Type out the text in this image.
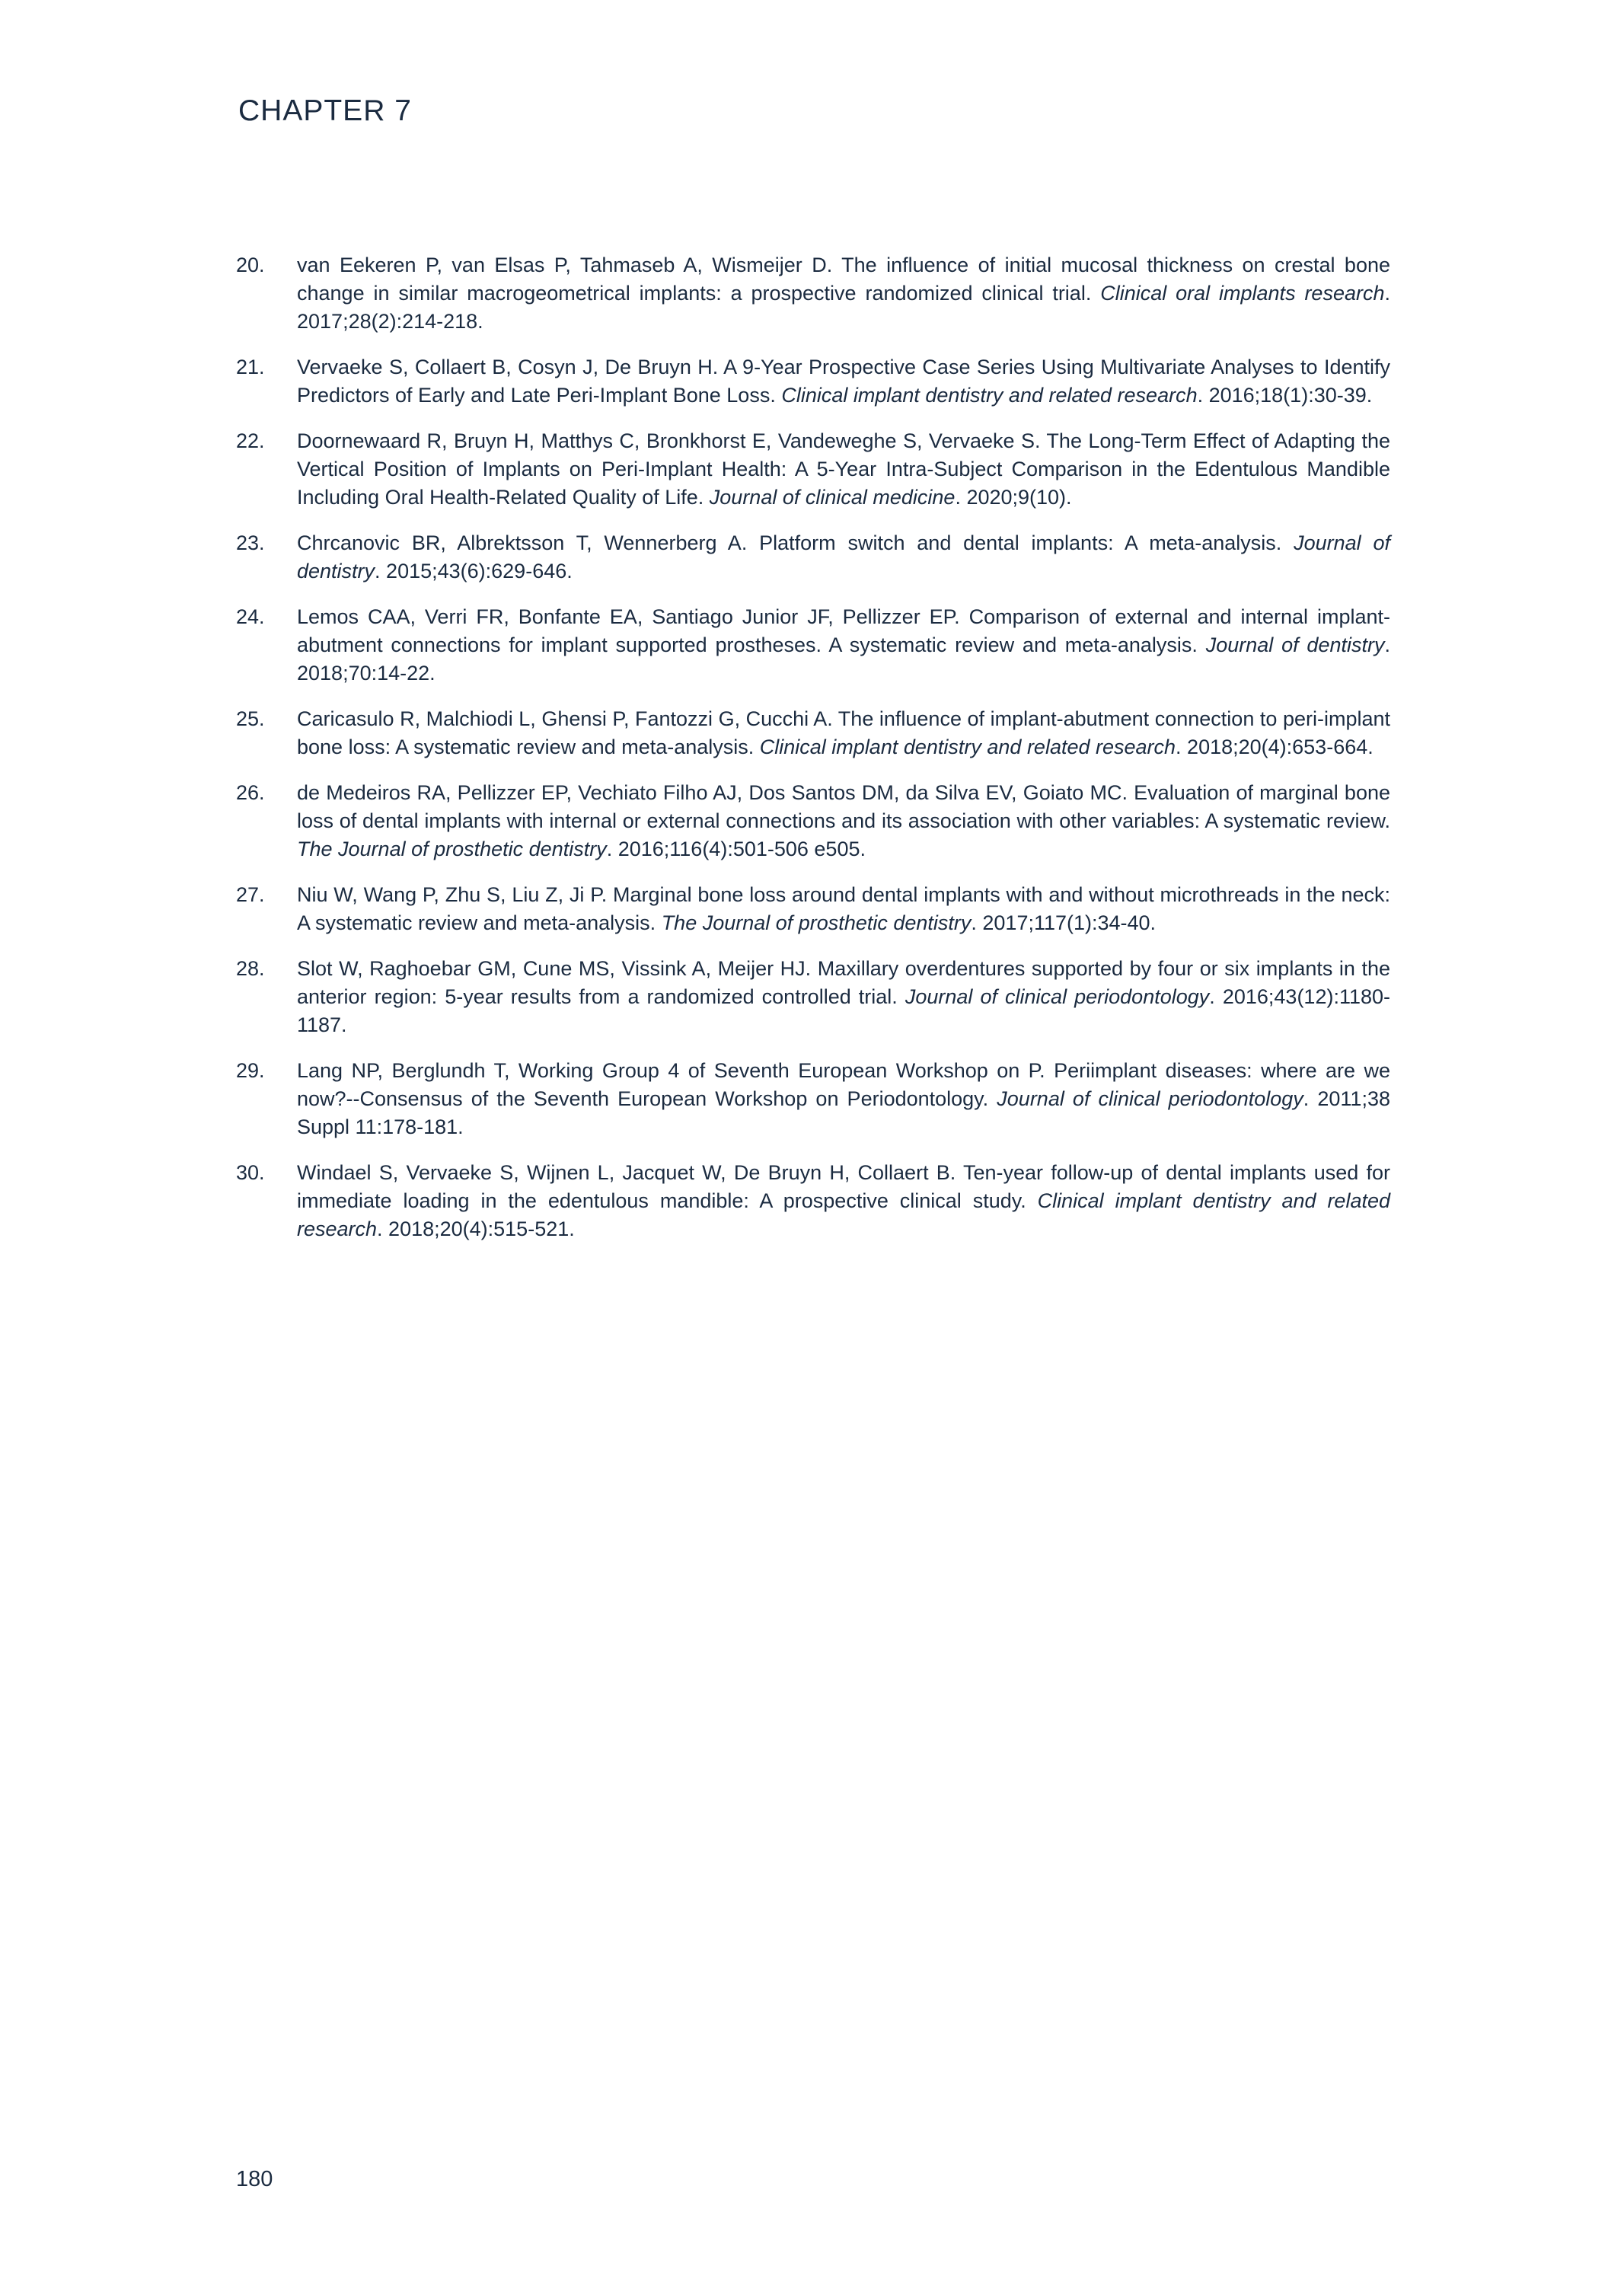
CHAPTER 7
20.	van Eekeren P, van Elsas P, Tahmaseb A, Wismeijer D. The influence of initial mucosal thickness on crestal bone change in similar macrogeometrical implants: a prospective randomized clinical trial. Clinical oral implants research. 2017;28(2):214-218.

21.	Vervaeke S, Collaert B, Cosyn J, De Bruyn H. A 9-Year Prospective Case Series Using Multivariate Analyses to Identify Predictors of Early and Late Peri-Implant Bone Loss. Clinical implant dentistry and related research. 2016;18(1):30-39.

22.	Doornewaard R, Bruyn H, Matthys C, Bronkhorst E, Vandeweghe S, Vervaeke S. The Long-Term Effect of Adapting the Vertical Position of Implants on Peri-Implant Health: A 5-Year Intra-Subject Comparison in the Edentulous Mandible Including Oral Health-Related Quality of Life. Journal of clinical medicine. 2020;9(10).

23.	Chrcanovic BR, Albrektsson T, Wennerberg A. Platform switch and dental implants: A meta-analysis. Journal of dentistry. 2015;43(6):629-646.

24.	Lemos CAA, Verri FR, Bonfante EA, Santiago Junior JF, Pellizzer EP. Comparison of external and internal implant-abutment connections for implant supported prostheses. A systematic review and meta-analysis. Journal of dentistry. 2018;70:14-22.

25.	Caricasulo R, Malchiodi L, Ghensi P, Fantozzi G, Cucchi A. The influence of implant-abutment connection to peri-implant bone loss: A systematic review and meta-analysis. Clinical implant dentistry and related research. 2018;20(4):653-664.

26.	de Medeiros RA, Pellizzer EP, Vechiato Filho AJ, Dos Santos DM, da Silva EV, Goiato MC. Evaluation of marginal bone loss of dental implants with internal or external connections and its association with other variables: A systematic review. The Journal of prosthetic dentistry. 2016;116(4):501-506 e505.

27.	Niu W, Wang P, Zhu S, Liu Z, Ji P. Marginal bone loss around dental implants with and without microthreads in the neck: A systematic review and meta-analysis. The Journal of prosthetic dentistry. 2017;117(1):34-40.

28.	Slot W, Raghoebar GM, Cune MS, Vissink A, Meijer HJ. Maxillary overdentures supported by four or six implants in the anterior region: 5-year results from a randomized controlled trial. Journal of clinical periodontology. 2016;43(12):1180-1187.

29.	Lang NP, Berglundh T, Working Group 4 of Seventh European Workshop on P. Periimplant diseases: where are we now?--Consensus of the Seventh European Workshop on Periodontology. Journal of clinical periodontology. 2011;38 Suppl 11:178-181.

30.	Windael S, Vervaeke S, Wijnen L, Jacquet W, De Bruyn H, Collaert B. Ten-year follow-up of dental implants used for immediate loading in the edentulous mandible: A prospective clinical study. Clinical implant dentistry and related research. 2018;20(4):515-521.

180
